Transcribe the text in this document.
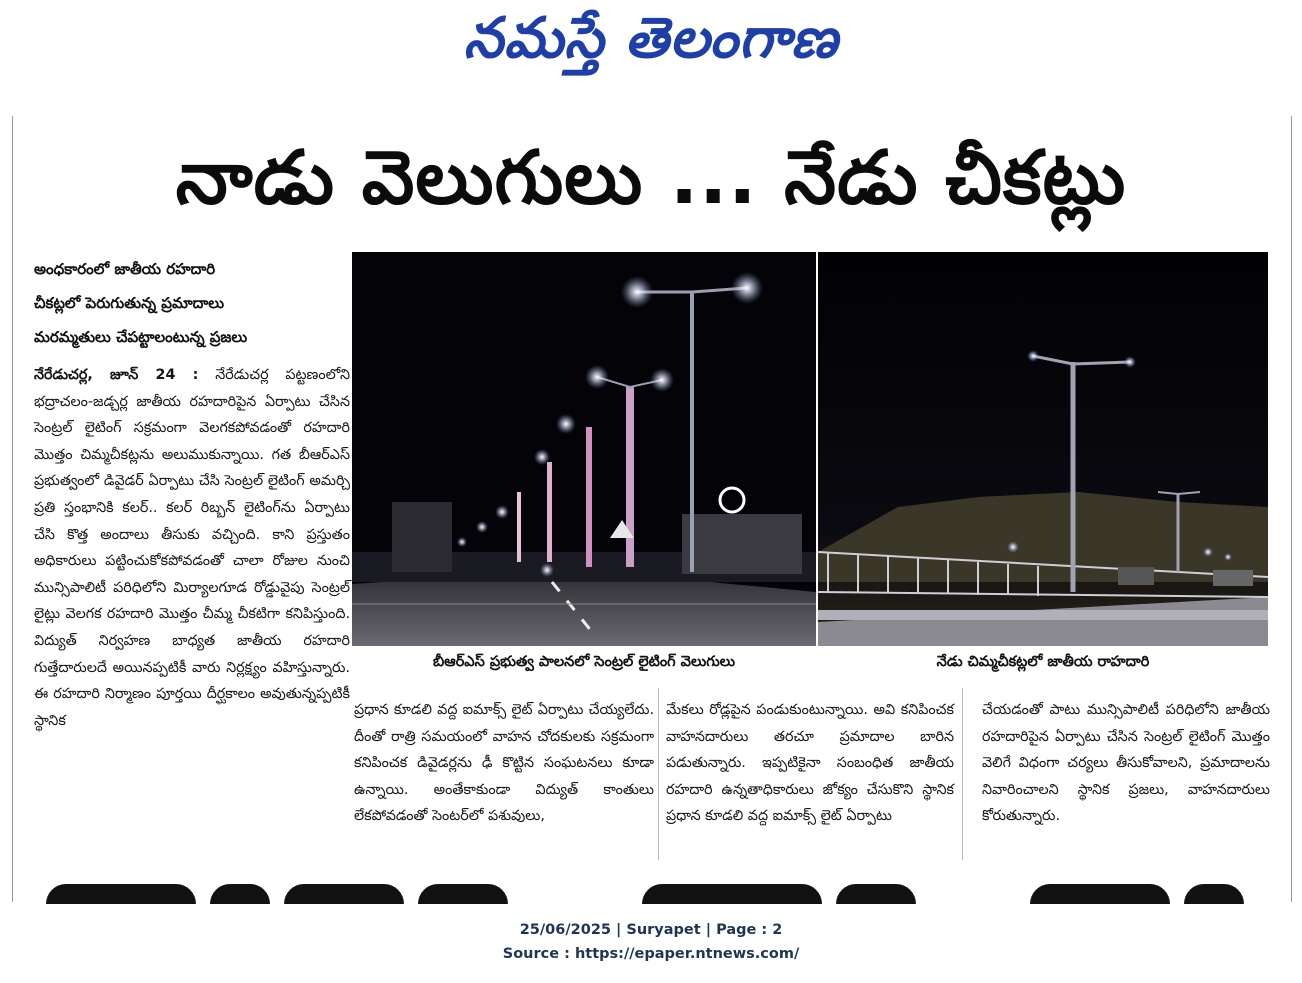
నమస్తే తెలంగాణ
నాడు వెలుగులు ... నేడు చీకట్లు
అంధకారంలో జాతీయ రహదారి
చీకట్లలో పెరుగుతున్న ప్రమాదాలు
మరమ్మతులు చేపట్టాలంటున్న ప్రజలు
నేరేడుచర్ల, జూన్ 24 : నేరేడుచర్ల పట్టణంలోని భద్రాచలం-జడ్చర్ల జాతీయ రహదారిపైన ఏర్పాటు చేసిన సెంట్రల్ లైటింగ్ సక్రమంగా వెలగకపోవడంతో రహదారి మొత్తం చిమ్మచీకట్లను అలుముకున్నాయి. గత బీఆర్ఎస్ ప్రభుత్వంలో డివైడర్ ఏర్పాటు చేసి సెంట్రల్ లైటింగ్ అమర్చి ప్రతి స్తంభానికి కలర్.. కలర్ రిబ్బన్ లైటింగ్‌ను ఏర్పాటు చేసి కొత్త అందాలు తీసుకు వచ్చింది. కాని ప్రస్తుతం అధికారులు పట్టించుకోకపోవడంతో చాలా రోజుల నుంచి మున్సిపాలిటీ పరిధిలోని మిర్యాలగూడ రోడ్డువైపు సెంట్రల్ లైట్లు వెలగక రహదారి మొత్తం చీమ్మ చీకటిగా కనిపిస్తుంది. విద్యుత్ నిర్వహణ బాధ్యత జాతీయ రహదారి గుత్తేదారులదే అయినప్పటికీ వారు నిర్లక్ష్యం వహిస్తున్నారు. ఈ రహదారి నిర్మాణం పూర్తయి దీర్ఘకాలం అవుతున్నప్పటికీ స్థానిక
బీఆర్ఎస్ ప్రభుత్వ పాలనలో సెంట్రల్ లైటింగ్ వెలుగులు	నేడు చిమ్మచీకట్లలో జాతీయ రాహదారి
ప్రధాన కూడలి వద్ద ఐమాక్స్ లైట్ ఏర్పాటు చేయ్యలేదు. దీంతో రాత్రి సమయంలో వాహన చోదకులకు సక్రమంగా కనిపించక డివైడర్లను ఢీ కొట్టిన సంఘటనలు కూడా ఉన్నాయి. అంతేకాకుండా విద్యుత్ కాంతులు లేకపోవడంతో సెంటర్‌లో పశువులు,
మేకలు రోడ్లపైన పండుకుంటున్నాయి. అవి కనిపించక వాహనదారులు తరచూ ప్రమాదాల బారిన పడుతున్నారు. ఇప్పటికైనా సంబంధిత జాతీయ రహదారి ఉన్నతాధికారులు జోక్యం చేసుకొని స్థానిక ప్రధాన కూడలి వద్ద ఐమాక్స్ లైట్ ఏర్పాటు
చేయడంతో పాటు మున్సిపాలిటీ పరిధిలోని జాతీయ రహదారిపైన ఏర్పాటు చేసిన సెంట్రల్ లైటింగ్ మొత్తం వెలిగే విధంగా చర్యలు తీసుకోవాలని, ప్రమాదాలను నివారించాలని స్థానిక ప్రజలు, వాహనదారులు కోరుతున్నారు.
25/06/2025 | Suryapet | Page : 2
Source : https://epaper.ntnews.com/
